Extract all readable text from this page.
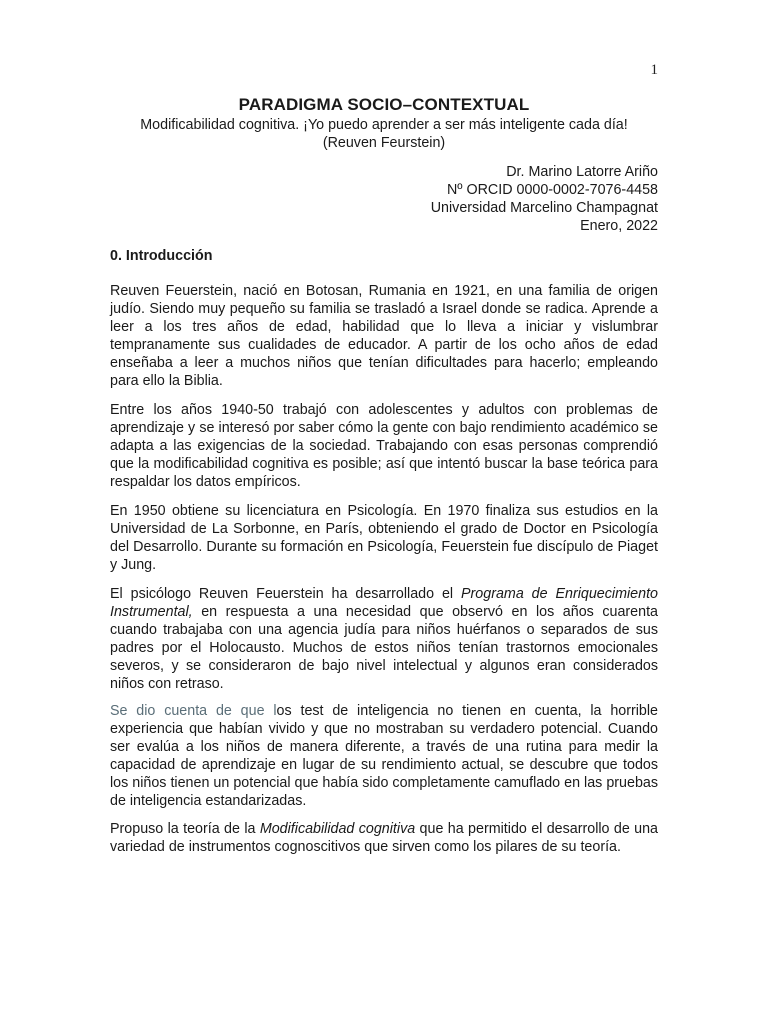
1
PARADIGMA SOCIO–CONTEXTUAL
Modificabilidad cognitiva. ¡Yo puedo aprender a ser más inteligente cada día!
(Reuven Feurstein)
Dr. Marino Latorre Ariño
Nº ORCID 0000-0002-7076-4458
Universidad Marcelino Champagnat
Enero, 2022
0. Introducción

Reuven Feuerstein, nació en Botosan, Rumania en 1921, en una familia de origen judío. Siendo muy pequeño su familia se trasladó a Israel donde se radica. Aprende a leer a los tres años de edad, habilidad que lo lleva a iniciar y vislumbrar tempranamente sus cualidades de educador. A partir de los ocho años de edad enseñaba a leer a muchos niños que tenían dificultades para hacerlo; empleando para ello la Biblia.

Entre los años 1940-50 trabajó con adolescentes y adultos con problemas de aprendizaje y se interesó por saber cómo la gente con bajo rendimiento académico se adapta a las exigencias de la sociedad. Trabajando con esas personas comprendió que la modificabilidad cognitiva es posible; así que intentó buscar la base teórica para respaldar los datos empíricos.

En 1950 obtiene su licenciatura en Psicología. En 1970 finaliza sus estudios en la Universidad de La Sorbonne, en París, obteniendo el grado de Doctor en Psicología del Desarrollo. Durante su formación en Psicología, Feuerstein fue discípulo de Piaget y Jung.

El psicólogo Reuven Feuerstein ha desarrollado el Programa de Enriquecimiento Instrumental, en respuesta a una necesidad que observó en los años cuarenta cuando trabajaba con una agencia judía para niños huérfanos o separados de sus padres por el Holocausto. Muchos de estos niños tenían trastornos emocionales severos, y se consideraron de bajo nivel intelectual y algunos eran considerados niños con retraso.

Se dio cuenta de que los test de inteligencia no tienen en cuenta, la horrible experiencia que habían vivido y que no mostraban su verdadero potencial. Cuando ser evalúa a los niños de manera diferente, a través de una rutina para medir la capacidad de aprendizaje en lugar de su rendimiento actual, se descubre que todos los niños tienen un potencial que había sido completamente camuflado en las pruebas de inteligencia estandarizadas.

Propuso la teoría de la Modificabilidad cognitiva que ha permitido el desarrollo de una variedad de instrumentos cognoscitivos que sirven como los pilares de su teoría.
